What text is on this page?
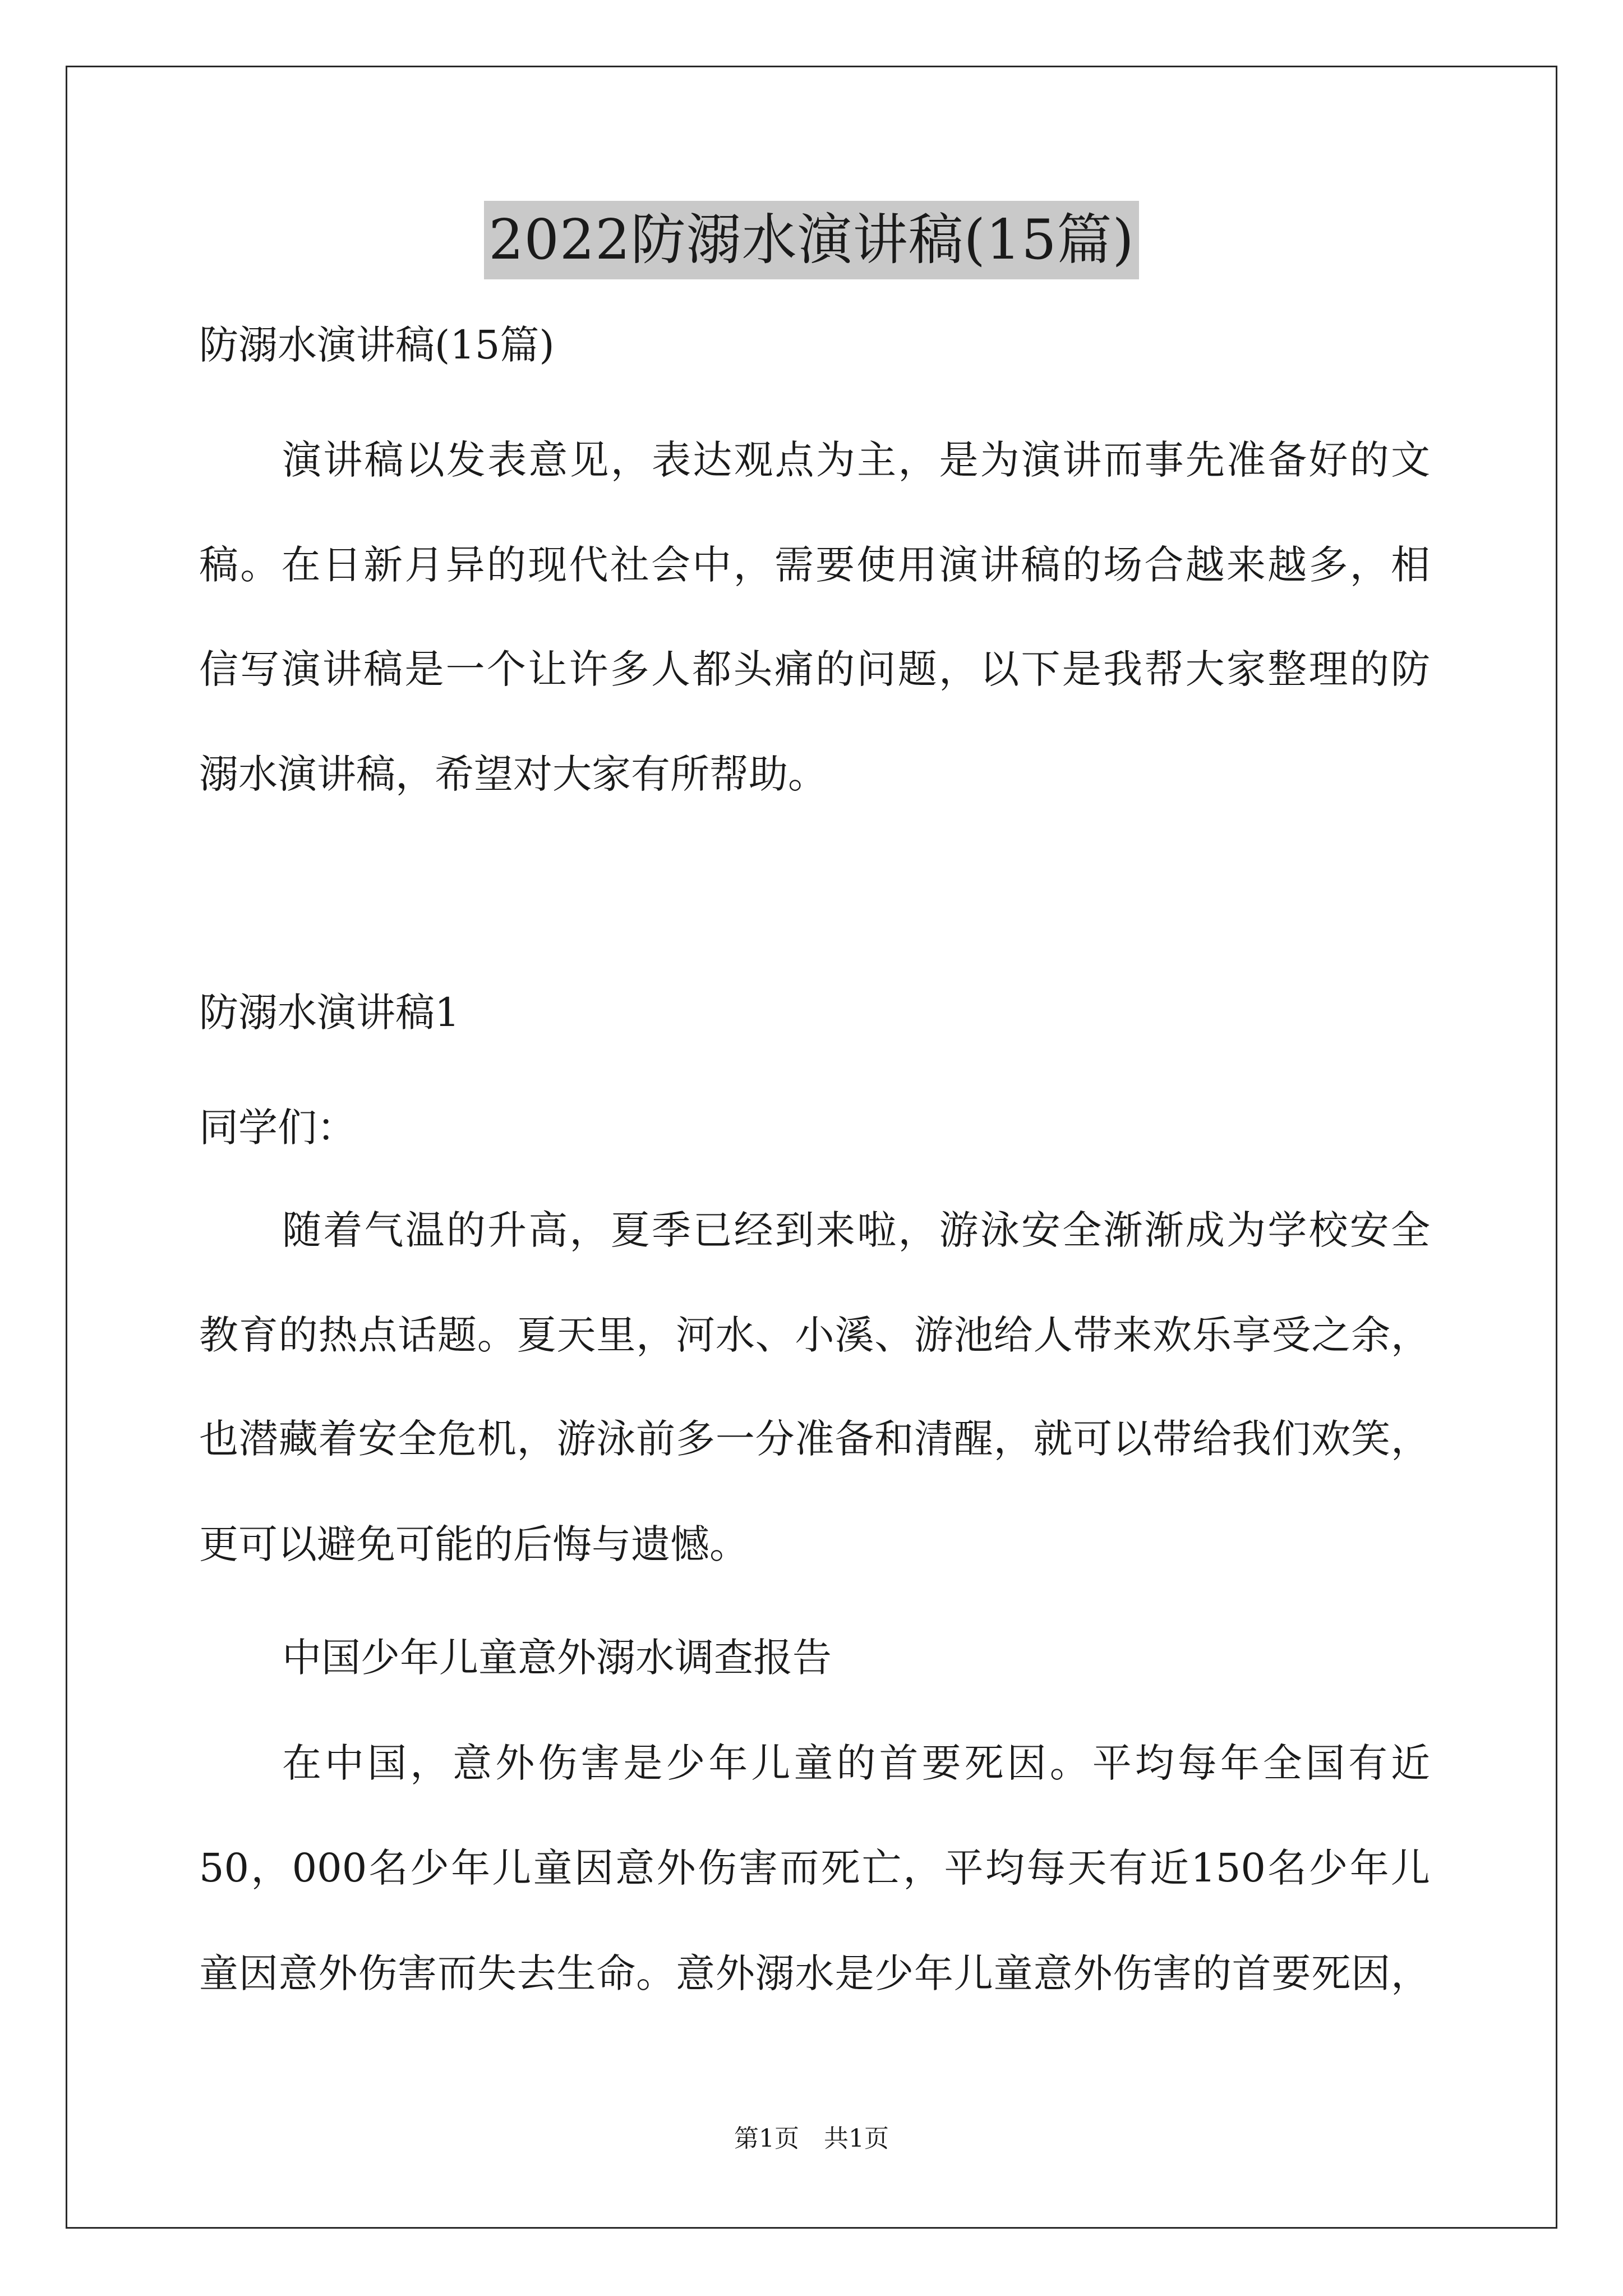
2022防溺水演讲稿(15篇)
防溺水演讲稿(15篇)
演讲稿以发表意见，表达观点为主，是为演讲而事先准备好的文
稿。在日新月异的现代社会中，需要使用演讲稿的场合越来越多，相
信写演讲稿是一个让许多人都头痛的问题，以下是我帮大家整理的防
溺水演讲稿，希望对大家有所帮助。
防溺水演讲稿1
同学们：
随着气温的升高，夏季已经到来啦，游泳安全渐渐成为学校安全
教育的热点话题。夏天里，河水、小溪、游池给人带来欢乐享受之余，
也潜藏着安全危机，游泳前多一分准备和清醒，就可以带给我们欢笑，
更可以避免可能的后悔与遗憾。
中国少年儿童意外溺水调查报告
在中国，意外伤害是少年儿童的首要死因。平均每年全国有近
50，000名少年儿童因意外伤害而死亡，平均每天有近150名少年儿
童因意外伤害而失去生命。意外溺水是少年儿童意外伤害的首要死因，
第1页　共1页
